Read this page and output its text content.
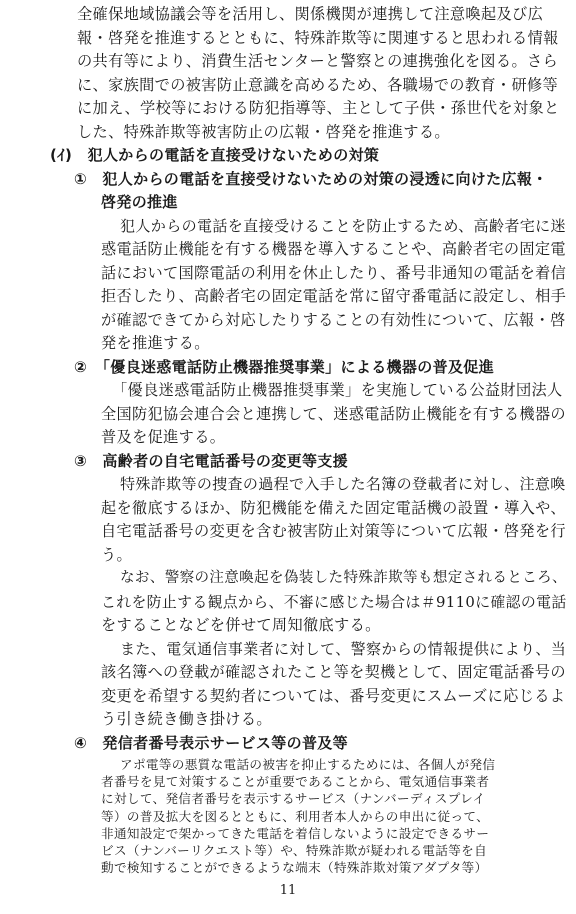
全確保地域協議会等を活用し、関係機関が連携して注意喚起及び広
報・啓発を推進するとともに、特殊詐欺等に関連すると思われる情報
の共有等により、消費生活センターと警察との連携強化を図る。さら
に、家族間での被害防止意識を高めるため、各職場での教育・研修等
に加え、学校等における防犯指導等、主として子供・孫世代を対象と
した、特殊詐欺等被害防止の広報・啓発を推進する。
(ｲ)　犯人からの電話を直接受けないための対策
①　犯人からの電話を直接受けないための対策の浸透に向けた広報・
啓発の推進
犯人からの電話を直接受けることを防止するため、高齢者宅に迷
惑電話防止機能を有する機器を導入することや、高齢者宅の固定電
話において国際電話の利用を休止したり、番号非通知の電話を着信
拒否したり、高齢者宅の固定電話を常に留守番電話に設定し、相手
が確認できてから対応したりすることの有効性について、広報・啓
発を推進する。
②　「優良迷惑電話防止機器推奨事業」による機器の普及促進
「優良迷惑電話防止機器推奨事業」を実施している公益財団法人
全国防犯協会連合会と連携して、迷惑電話防止機能を有する機器の
普及を促進する。
③　高齢者の自宅電話番号の変更等支援
特殊詐欺等の捜査の過程で入手した名簿の登載者に対し、注意喚
起を徹底するほか、防犯機能を備えた固定電話機の設置・導入や、
自宅電話番号の変更を含む被害防止対策等について広報・啓発を行
う。
なお、警察の注意喚起を偽装した特殊詐欺等も想定されるところ、
これを防止する観点から、不審に感じた場合は＃9110に確認の電話
をすることなどを併せて周知徹底する。
また、電気通信事業者に対して、警察からの情報提供により、当
該名簿への登載が確認されたこと等を契機として、固定電話番号の
変更を希望する契約者については、番号変更にスムーズに応じるよ
う引き続き働き掛ける。
④　発信者番号表示サービス等の普及等
アポ電等の悪質な電話の被害を抑止するためには、各個人が発信
者番号を見て対策することが重要であることから、電気通信事業者
に対して、発信者番号を表示するサービス（ナンバーディスプレイ
等）の普及拡大を図るとともに、利用者本人からの申出に従って、
非通知設定で架かってきた電話を着信しないように設定できるサー
ビス（ナンバーリクエスト等）や、特殊詐欺が疑われる電話等を自
動で検知することができるような端末（特殊詐欺対策アダプタ等）
11
